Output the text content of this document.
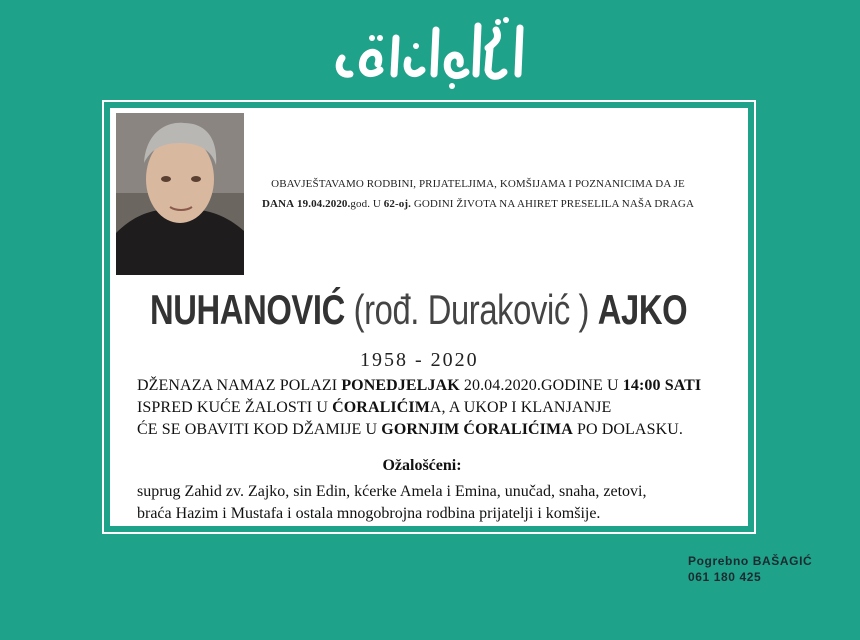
OBAVJEŠTAVAMO RODBINI, PRIJATELJIMA, KOMŠIJAMA I POZNANICIMA DA JE
DANA 19.04.2020.god. U 62-oj. GODINI ŽIVOTA NA AHIRET PRESELILA NAŠA DRAGA
NUHANOVIĆ (rođ. Duraković ) AJKO
1958 - 2020
DŽENAZA NAMAZ POLAZI PONEDJELJAK 20.04.2020.GODINE U 14:00 SATI
ISPRED KUĆE ŽALOSTI U ĆORALIĆIMA, A UKOP I KLANJANJE
ĆE SE OBAVITI KOD DŽAMIJE U GORNJIM ĆORALIĆIMA PO DOLASKU.
Ožalošćeni:
suprug Zahid zv. Zajko, sin Edin, kćerke Amela i Emina, unučad, snaha, zetovi,
braća Hazim i Mustafa i ostala mnogobrojna rodbina prijatelji i komšije.
Pogrebno BAŠAGIĆ
061 180 425
